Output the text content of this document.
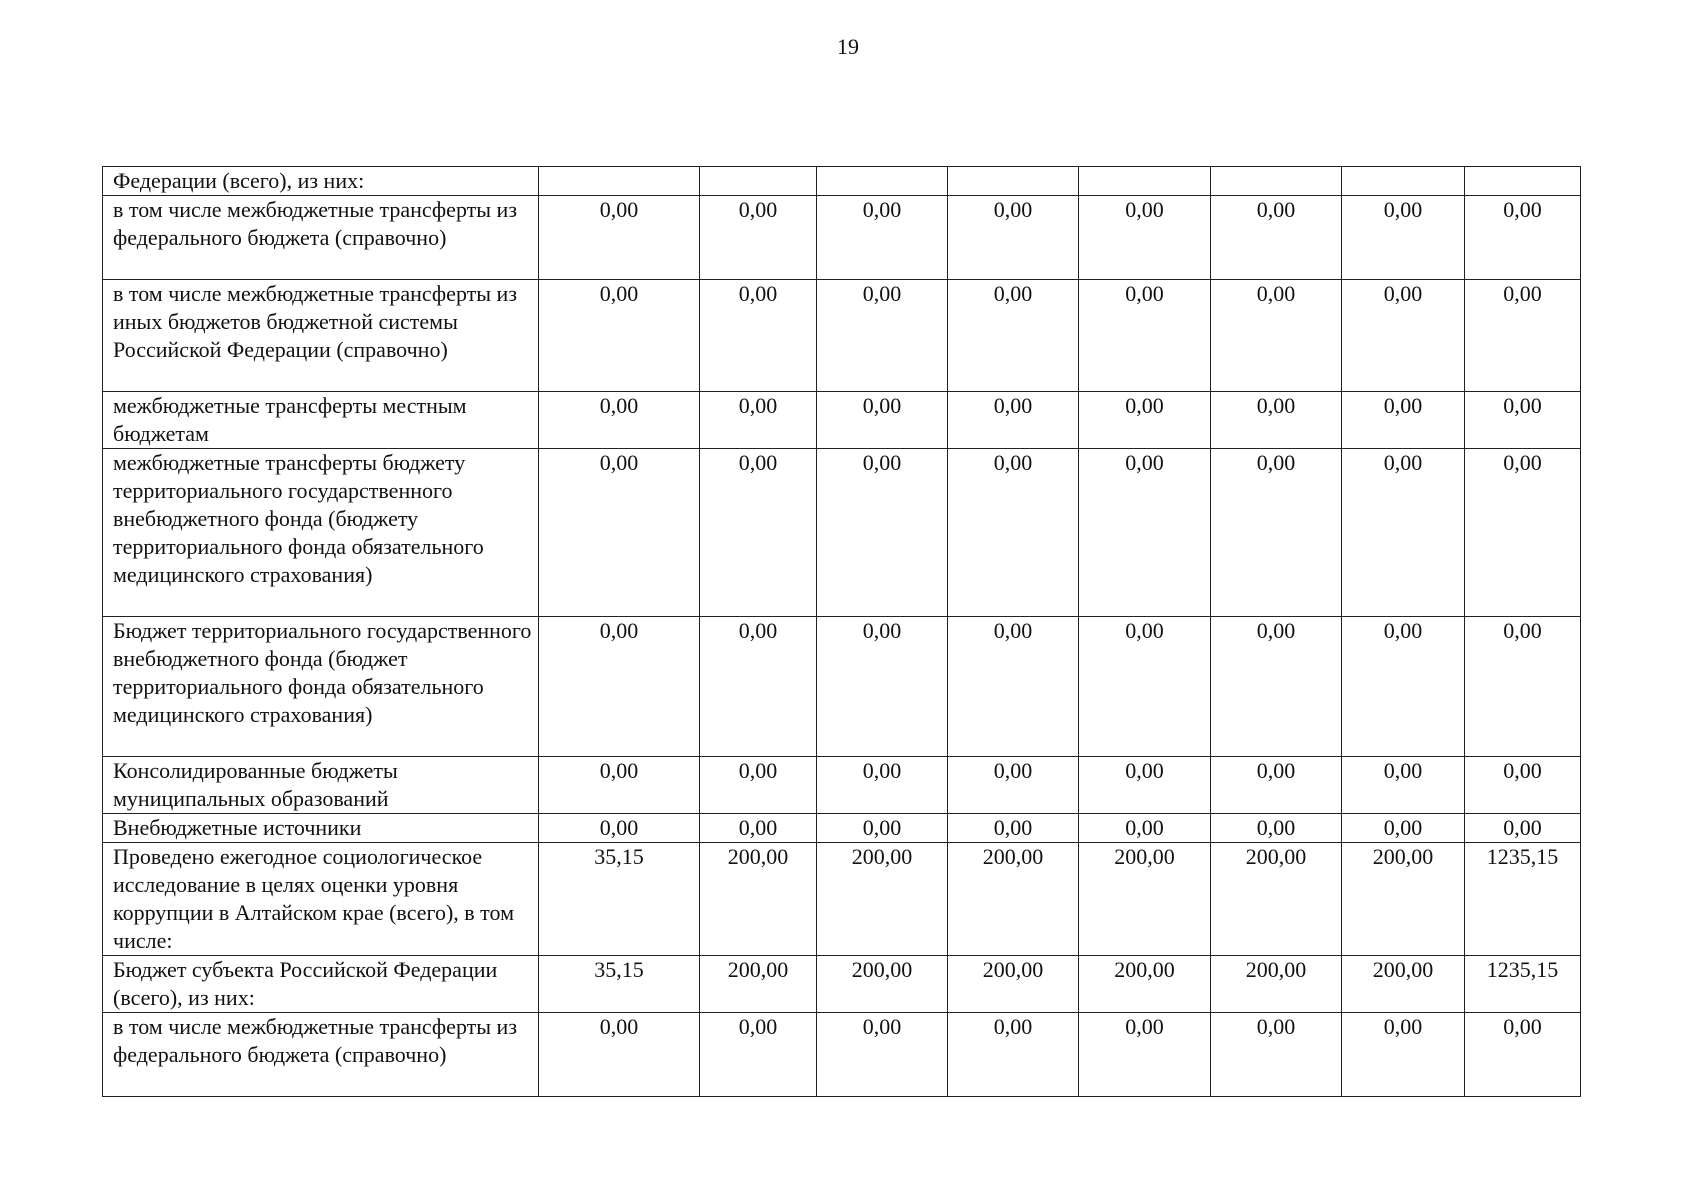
19
Федерации (всего), из них:								
в том числе межбюджетные трансферты из федерального бюджета (справочно)	0,00	0,00	0,00	0,00	0,00	0,00	0,00	0,00
в том числе межбюджетные трансферты из иных бюджетов бюджетной системы Российской Федерации (справочно)	0,00	0,00	0,00	0,00	0,00	0,00	0,00	0,00
межбюджетные трансферты местным бюджетам	0,00	0,00	0,00	0,00	0,00	0,00	0,00	0,00
межбюджетные трансферты бюджету территориального государственного внебюджетного фонда (бюджету территориального фонда обязательного медицинского страхования)	0,00	0,00	0,00	0,00	0,00	0,00	0,00	0,00
Бюджет территориального государственного внебюджетного фонда (бюджет территориального фонда обязательного медицинского страхования)	0,00	0,00	0,00	0,00	0,00	0,00	0,00	0,00
Консолидированные бюджеты муниципальных образований	0,00	0,00	0,00	0,00	0,00	0,00	0,00	0,00
Внебюджетные источники	0,00	0,00	0,00	0,00	0,00	0,00	0,00	0,00
Проведено ежегодное социологическое исследование в целях оценки уровня коррупции в Алтайском крае (всего), в том числе:	35,15	200,00	200,00	200,00	200,00	200,00	200,00	1235,15
Бюджет субъекта Российской Федерации (всего), из них:	35,15	200,00	200,00	200,00	200,00	200,00	200,00	1235,15
в том числе межбюджетные трансферты из федерального бюджета (справочно)	0,00	0,00	0,00	0,00	0,00	0,00	0,00	0,00
